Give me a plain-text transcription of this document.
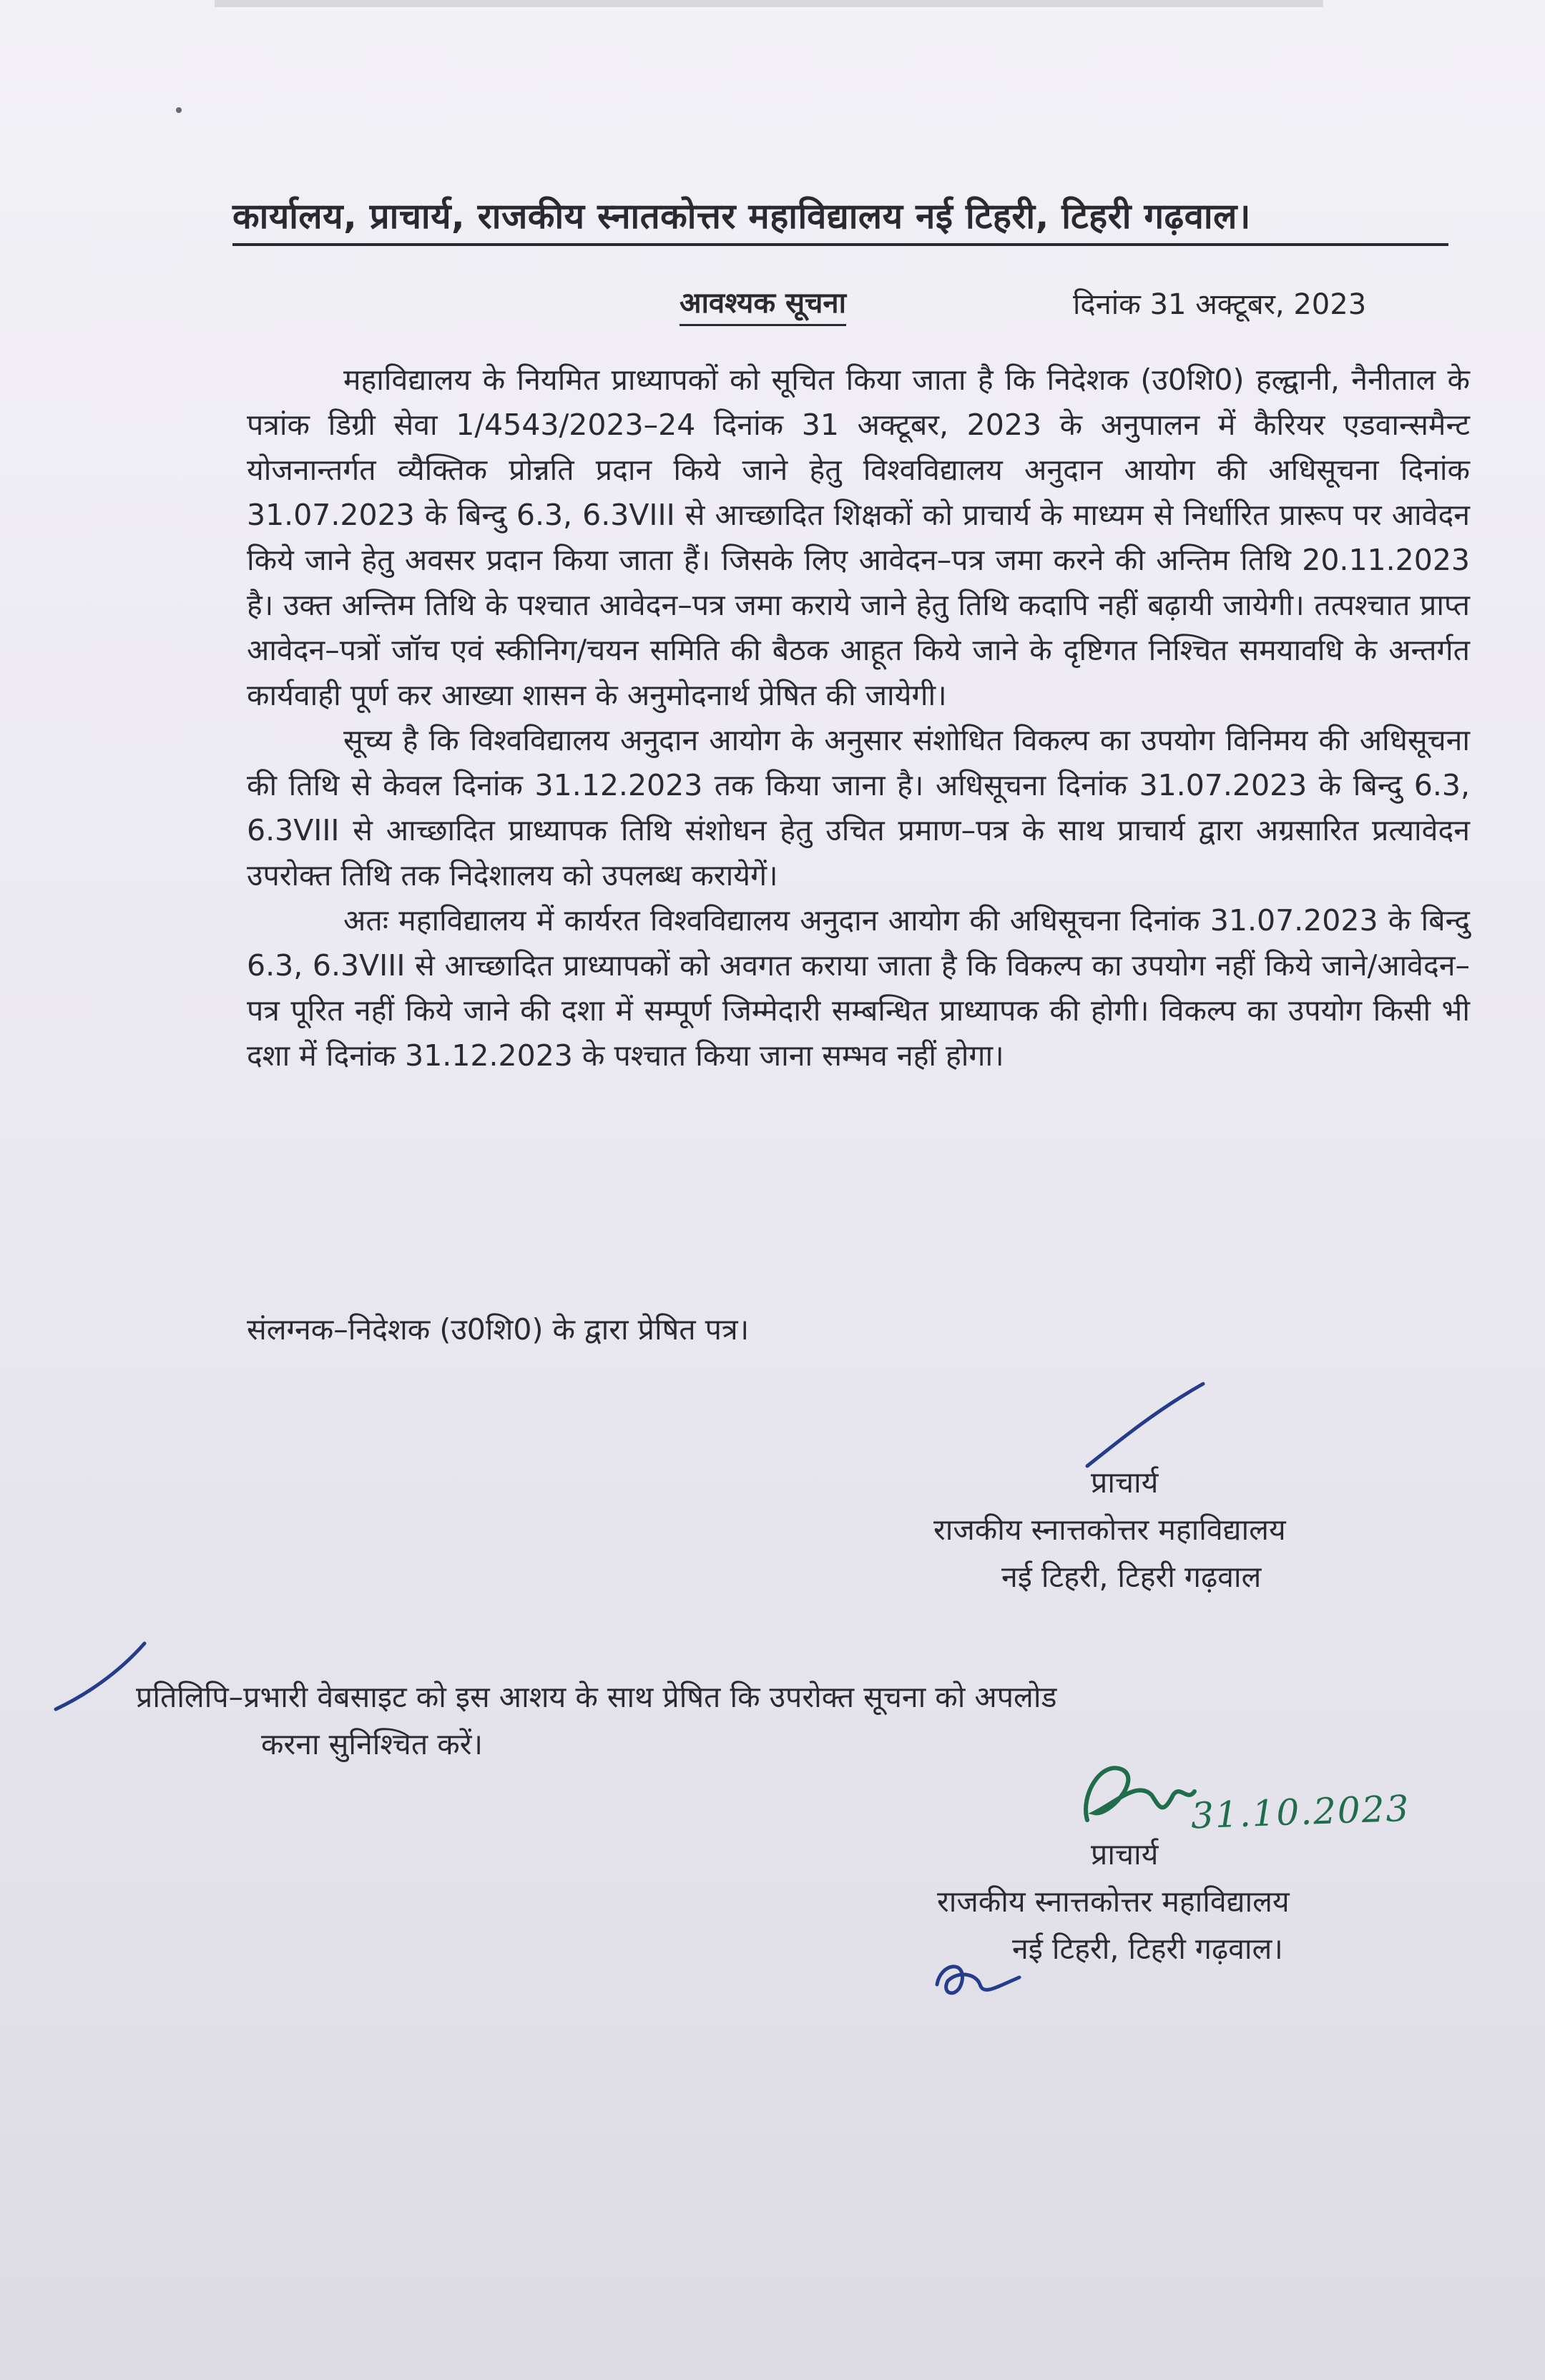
कार्यालय, प्राचार्य, राजकीय स्नातकोत्तर महाविद्यालय नई टिहरी, टिहरी गढ़वाल।
आवश्यक सूचना	दिनांक 31 अक्टूबर, 2023

महाविद्यालय के नियमित प्राध्यापकों को सूचित किया जाता है कि निदेशक (उ0शि0) हल्द्वानी, नैनीताल के पत्रांक डिग्री सेवा 1/4543/2023–24 दिनांक 31 अक्टूबर, 2023 के अनुपालन में कैरियर एडवान्समैन्ट योजनान्तर्गत व्यैक्तिक प्रोन्नति प्रदान किये जाने हेतु विश्वविद्यालय अनुदान आयोग की अधिसूचना दिनांक 31.07.2023 के बिन्दु 6.3, 6.3VIII से आच्छादित शिक्षकों को प्राचार्य के माध्यम से निर्धारित प्रारूप पर आवेदन किये जाने हेतु अवसर प्रदान किया जाता हैं। जिसके लिए आवेदन–पत्र जमा करने की अन्तिम तिथि 20.11.2023 है। उक्त अन्तिम तिथि के पश्चात आवेदन–पत्र जमा कराये जाने हेतु तिथि कदापि नहीं बढ़ायी जायेगी। तत्पश्चात प्राप्त आवेदन–पत्रों जॉच एवं स्कीनिग/चयन समिति की बैठक आहूत किये जाने के दृष्टिगत निश्चित समयावधि के अन्तर्गत कार्यवाही पूर्ण कर आख्या शासन के अनुमोदनार्थ प्रेषित की जायेगी।

सूच्य है कि विश्वविद्यालय अनुदान आयोग के अनुसार संशोधित विकल्प का उपयोग विनिमय की अधिसूचना की तिथि से केवल दिनांक 31.12.2023 तक किया जाना है। अधिसूचना दिनांक 31.07.2023 के बिन्दु 6.3, 6.3VIII से आच्छादित प्राध्यापक तिथि संशोधन हेतु उचित प्रमाण–पत्र के साथ प्राचार्य द्वारा अग्रसारित प्रत्यावेदन उपरोक्त तिथि तक निदेशालय को उपलब्ध करायेगें।

अतः महाविद्यालय में कार्यरत विश्वविद्यालय अनुदान आयोग की अधिसूचना दिनांक 31.07.2023 के बिन्दु 6.3, 6.3VIII से आच्छादित प्राध्यापकों को अवगत कराया जाता है कि विकल्प का उपयोग नहीं किये जाने/आवेदन–पत्र पूरित नहीं किये जाने की दशा में सम्पूर्ण जिम्मेदारी सम्बन्धित प्राध्यापक की होगी। विकल्प का उपयोग किसी भी दशा में दिनांक 31.12.2023 के पश्चात किया जाना सम्भव नहीं होगा।

संलग्नक–निदेशक (उ0शि0) के द्वारा प्रेषित पत्र।
प्राचार्य
राजकीय स्नात्तकोत्तर महाविद्यालय
नई टिहरी, टिहरी गढ़वाल
प्रतिलिपि–प्रभारी वेबसाइट को इस आशय के साथ प्रेषित कि उपरोक्त सूचना को अपलोड
करना सुनिश्चित करें।
31.10.2023
प्राचार्य
राजकीय स्नात्तकोत्तर महाविद्यालय
नई टिहरी, टिहरी गढ़वाल।
